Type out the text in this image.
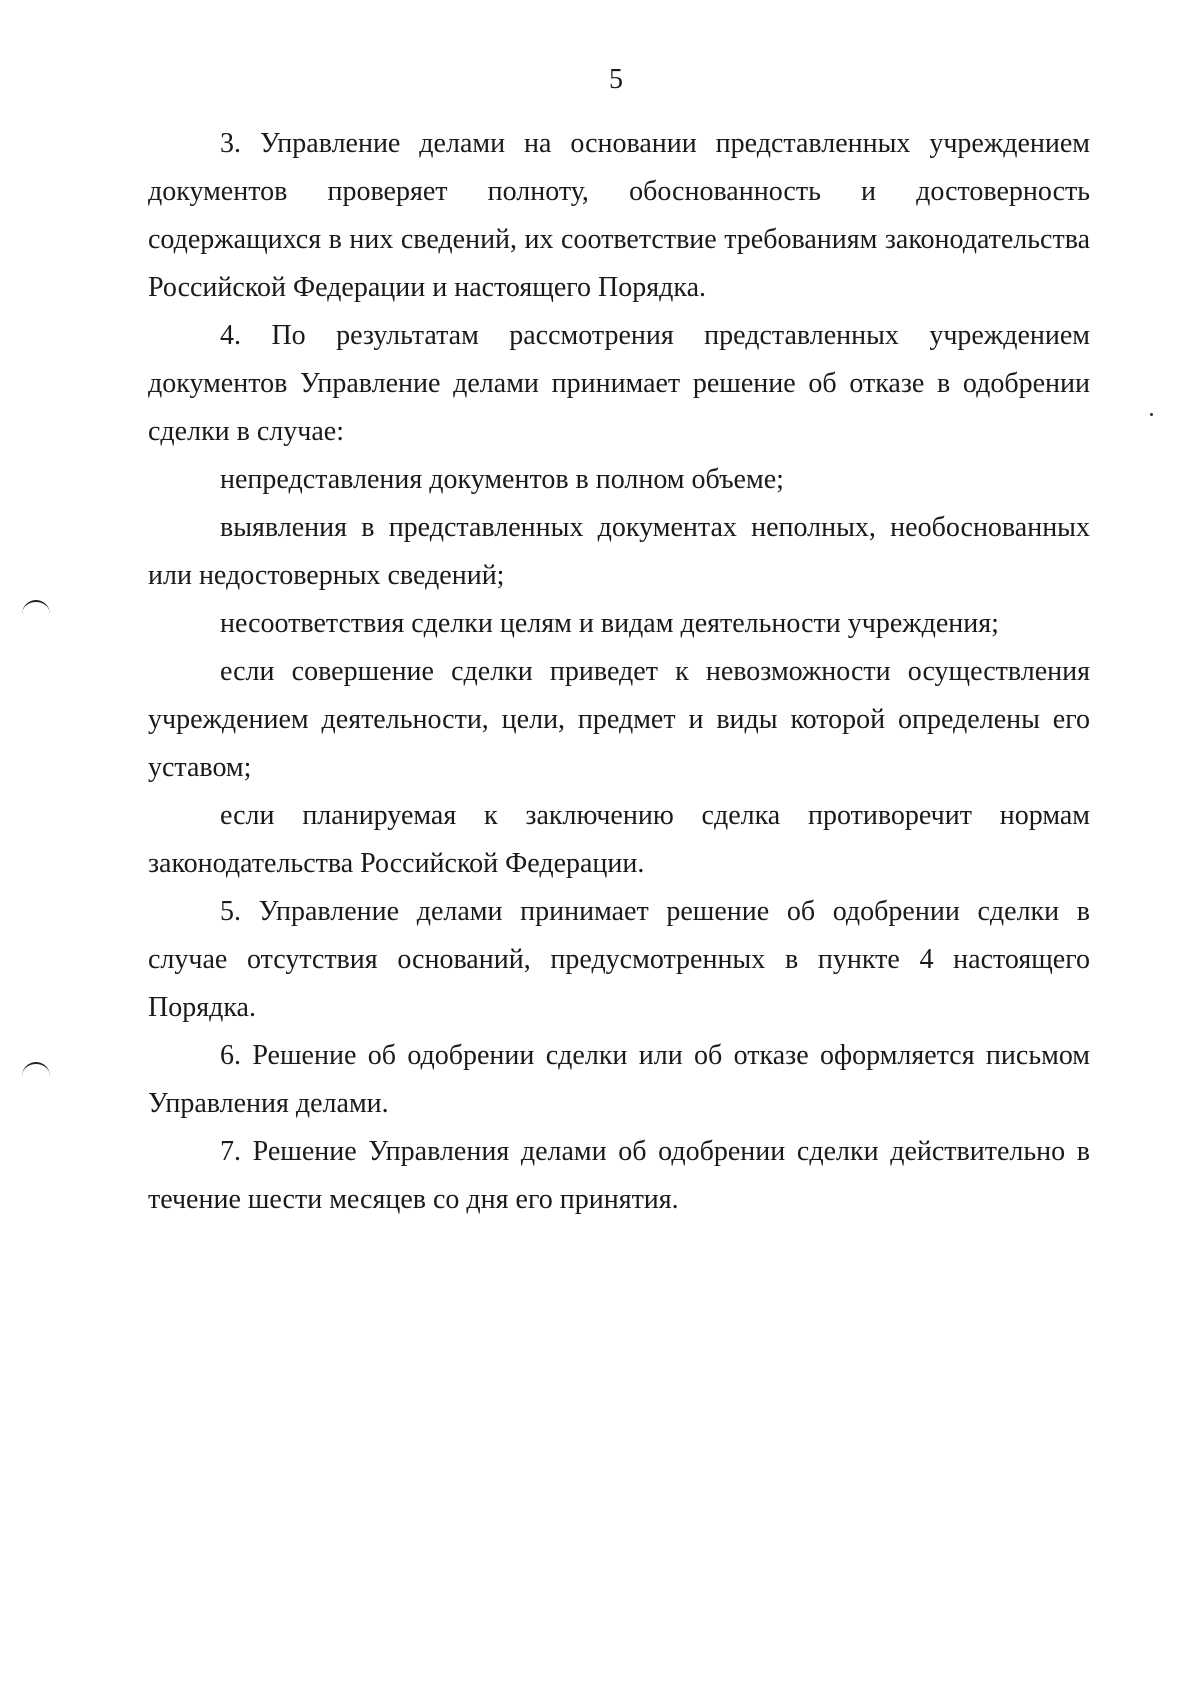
5

3. Управление делами на основании представленных учреждением документов проверяет полноту, обоснованность и достоверность содержащихся в них сведений, их соответствие требованиям законодательства Российской Федерации и настоящего Порядка.

4. По результатам рассмотрения представленных учреждением документов Управление делами принимает решение об отказе в одобрении сделки в случае:

непредставления документов в полном объеме;

выявления в представленных документах неполных, необоснованных или недостоверных сведений;

несоответствия сделки целям и видам деятельности учреждения;

если совершение сделки приведет к невозможности осуществления учреждением деятельности, цели, предмет и виды которой определены его уставом;

если планируемая к заключению сделка противоречит нормам законодательства Российской Федерации.

5. Управление делами принимает решение об одобрении сделки в случае отсутствия оснований, предусмотренных в пункте 4 настоящего Порядка.

6. Решение об одобрении сделки или об отказе оформляется письмом Управления делами.

7. Решение Управления делами об одобрении сделки действительно в течение шести месяцев со дня его принятия.
